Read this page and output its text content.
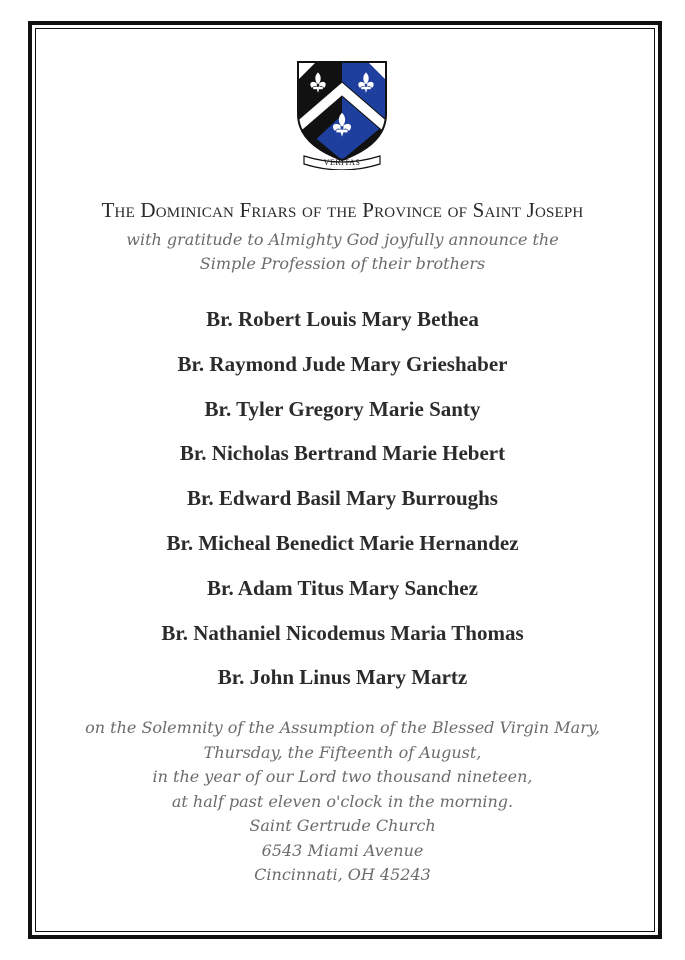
VERITAS
The Dominican Friars of the Province of Saint Joseph
with gratitude to Almighty God joyfully announce the
Simple Profession of their brothers
Br. Robert Louis Mary Bethea
Br. Raymond Jude Mary Grieshaber
Br. Tyler Gregory Marie Santy
Br. Nicholas Bertrand Marie Hebert
Br. Edward Basil Mary Burroughs
Br. Micheal Benedict Marie Hernandez
Br. Adam Titus Mary Sanchez
Br. Nathaniel Nicodemus Maria Thomas
Br. John Linus Mary Martz
on the Solemnity of the Assumption of the Blessed Virgin Mary,
Thursday, the Fifteenth of August,
in the year of our Lord two thousand nineteen,
at half past eleven o'clock in the morning.
Saint Gertrude Church
6543 Miami Avenue
Cincinnati, OH 45243
